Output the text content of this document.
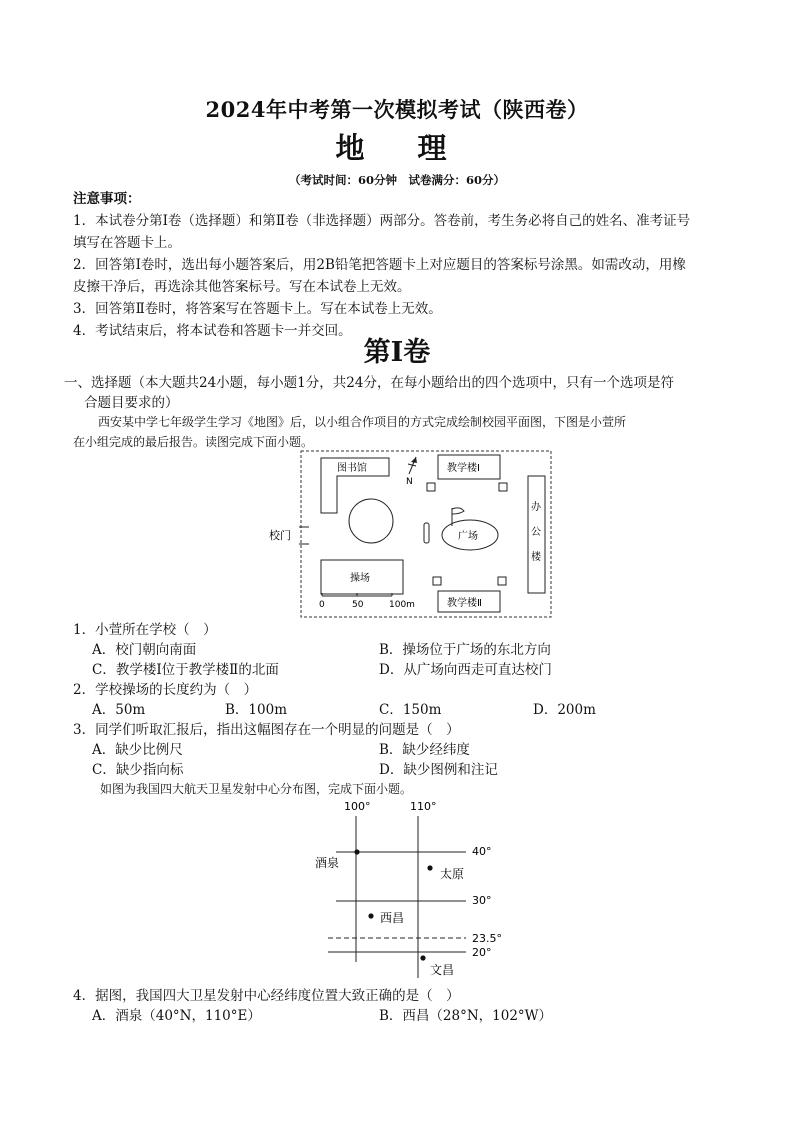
2024年中考第一次模拟考试（陕西卷）
地　理
（考试时间：60分钟　试卷满分：60分）
注意事项：
1．本试卷分第Ⅰ卷（选择题）和第Ⅱ卷（非选择题）两部分。答卷前，考生务必将自己的姓名、准考证号
填写在答题卡上。
2．回答第Ⅰ卷时，选出每小题答案后，用2B铅笔把答题卡上对应题目的答案标号涂黑。如需改动，用橡
皮擦干净后，再选涂其他答案标号。写在本试卷上无效。
3．回答第Ⅱ卷时，将答案写在答题卡上。写在本试卷上无效。
4．考试结束后，将本试卷和答题卡一并交回。
第Ⅰ卷
一、选择题（本大题共24小题，每小题1分，共24分，在每小题给出的四个选项中，只有一个选项是符
合题目要求的）
西安某中学七年级学生学习《地图》后，以小组合作项目的方式完成绘制校园平面图，下图是小萱所
在小组完成的最后报告。读图完成下面小题。
校门
图书馆
N
教学楼Ⅰ
广场
办
公
楼
操场
教学楼Ⅱ
0	50	100m
1．小萱所在学校（　）
A．校门朝向南面	B．操场位于广场的东北方向
C．教学楼Ⅰ位于教学楼Ⅱ的北面	D．从广场向西走可直达校门
2．学校操场的长度约为（　）
A．50m	B．100m	C．150m	D．200m
3．同学们听取汇报后，指出这幅图存在一个明显的问题是（　）
A．缺少比例尺	B．缺少经纬度
C．缺少指向标	D．缺少图例和注记
如图为我国四大航天卫星发射中心分布图，完成下面小题。
100°	110°
40°
30°
23.5°
20°
酒泉
太原
西昌
文昌
4．据图，我国四大卫星发射中心经纬度位置大致正确的是（　）
A．酒泉（40°N，110°E）	B．西昌（28°N，102°W）
